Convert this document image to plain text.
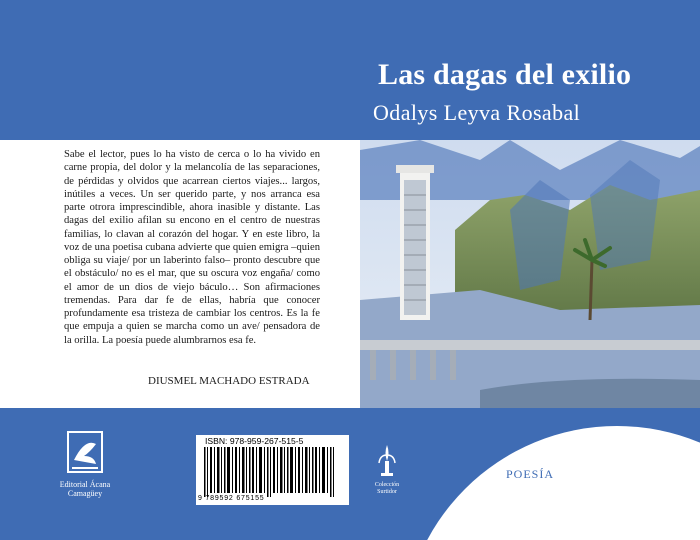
Las dagas del exilio
Odalys Leyva Rosabal
Sabe el lector, pues lo ha visto de cerca o lo ha vivido en carne propia, del dolor y la melancolía de las separaciones, de pérdidas y olvidos que acarrean ciertos viajes... largos, inútiles a veces. Un ser querido parte, y nos arranca esa parte otrora imprescindible, ahora inasible y distante. Las dagas del exilio afilan su encono en el centro de nuestras familias, lo clavan al corazón del hogar. Y en este libro, la voz de una poetisa cubana advierte que quien emigra –quien obliga su viaje/ por un laberinto falso– pronto descubre que el obstáculo/ no es el mar, que su oscura voz engaña/ como el amor de un dios de viejo báculo… Son afirmaciones tremendas. Para dar fe de ellas, habría que conocer profundamente esa tristeza de cambiar los centros. Es la fe que empuja a quien se marcha como un ave/ pensadora de la orilla. La poesía puede alumbrarnos esa fe.
DIUSMEL MACHADO ESTRADA
POESÍA
Editorial Ácana
Camagüey
ISBN: 978-959-267-515-5
9 789592 675155
Colección
Surtidor
